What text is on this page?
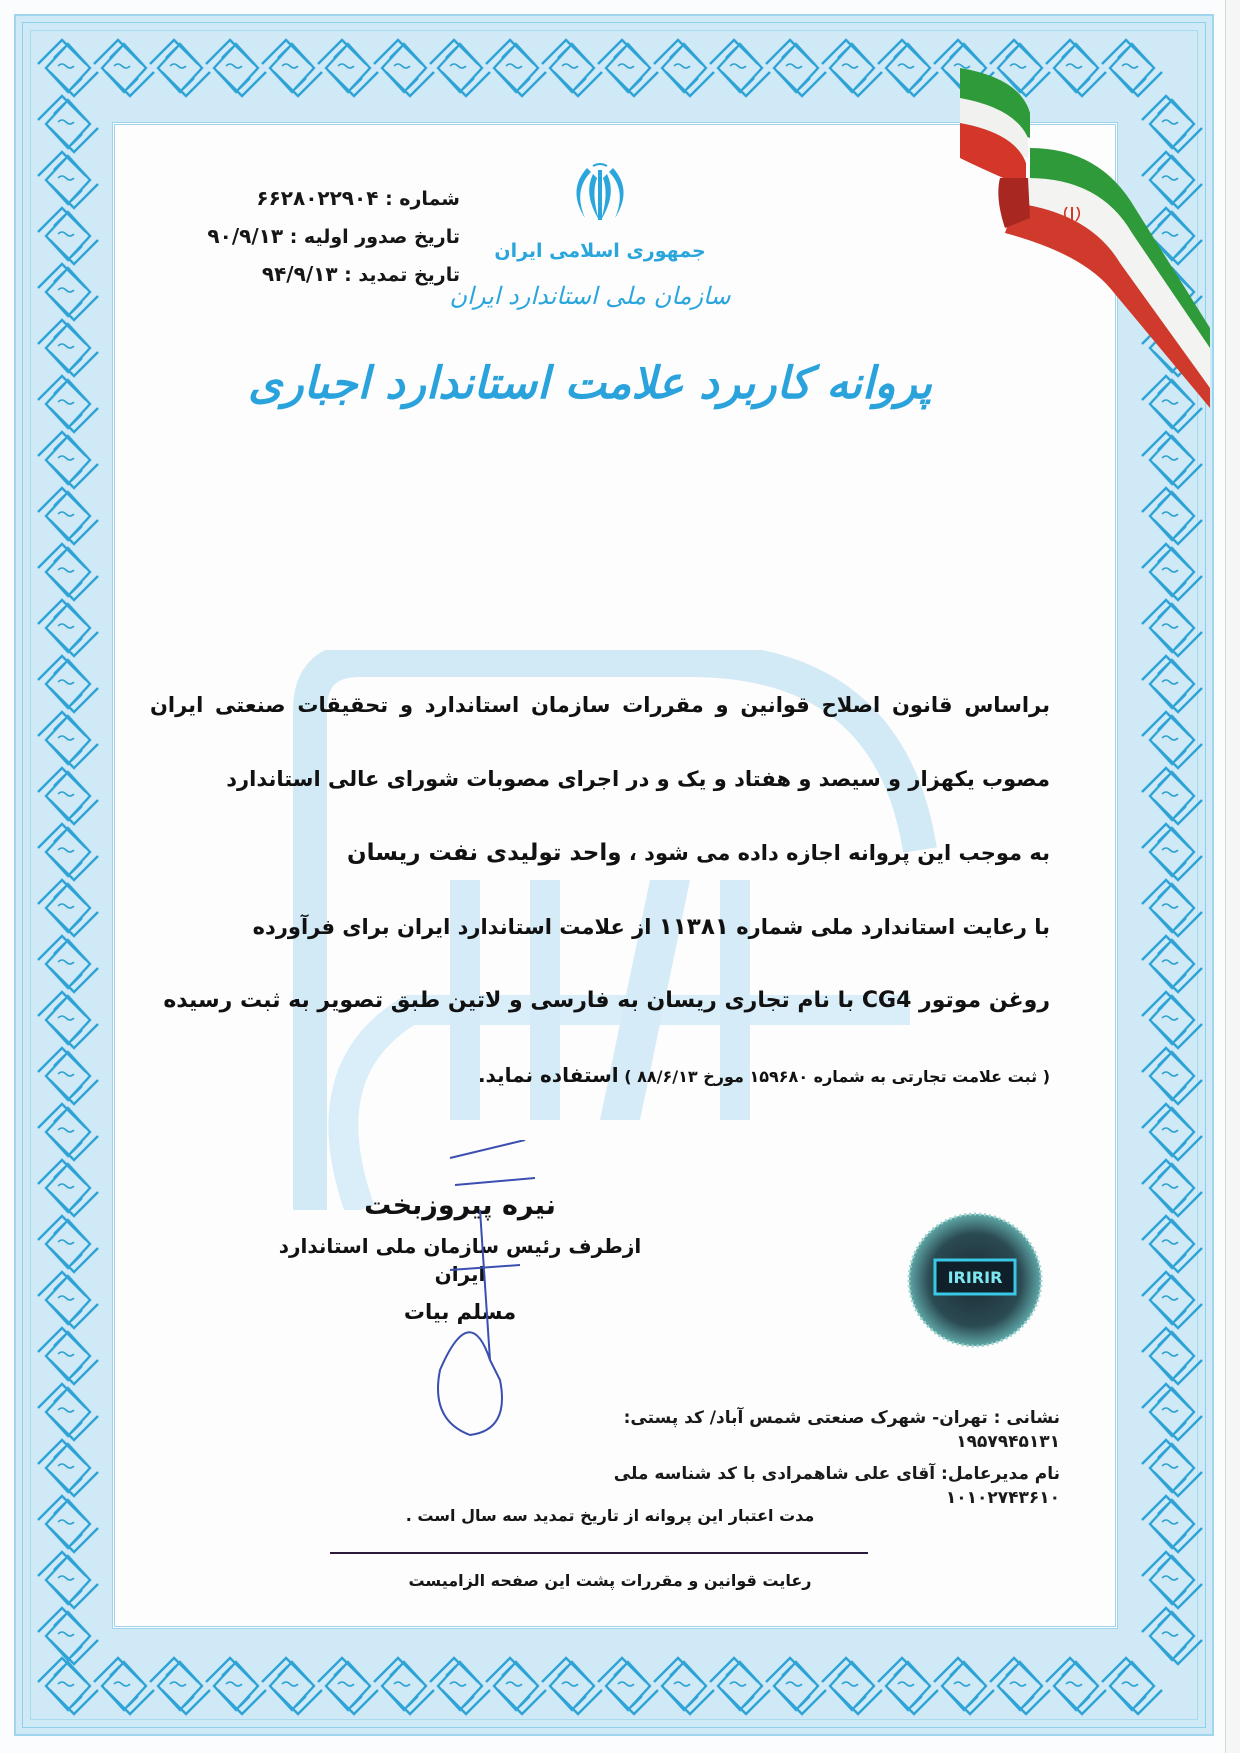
شماره : ۶۶۲۸۰۲۲۹۰۴
تاریخ صدور اولیه : ۹۰/۹/۱۳
تاریخ تمدید : ۹۴/۹/۱۳
جمهوری اسلامی ایران
سازمان ملی استاندارد ایران
پروانه کاربرد علامت استاندارد اجباری
براساس قانون اصلاح قوانین و مقررات سازمان استاندارد و تحقیقات صنعتی ایران
مصوب یکهزار و سیصد و هفتاد و یک و در اجرای مصوبات شورای عالی استاندارد
به موجب این پروانه اجازه داده می شود ، واحد تولیدی نفت ریسان
با رعایت استاندارد ملی شماره ۱۱۳۸۱ از علامت استاندارد ایران برای فرآورده
روغن موتور CG4 با نام تجاری ریسان به فارسی و لاتین طبق تصویر به ثبت رسیده
( ثبت علامت تجارتی به شماره ۱۵۹۶۸۰ مورخ ۸۸/۶/۱۳ ) استفاده نماید.
نیره پیروزبخت
ازطرف رئیس سازمان ملی استاندارد ایران
مسلم بیات
IRIRIR
نشانی : تهران- شهرک صنعتی شمس آباد/ کد پستی: ۱۹۵۷۹۴۵۱۳۱
نام مدیرعامل: آقای علی شاهمرادی با کد شناسه ملی ۱۰۱۰۲۷۴۳۶۱۰
مدت اعتبار این پروانه از تاریخ تمدید سه سال است .
رعایت قوانین و مقررات پشت این صفحه الزامیست
